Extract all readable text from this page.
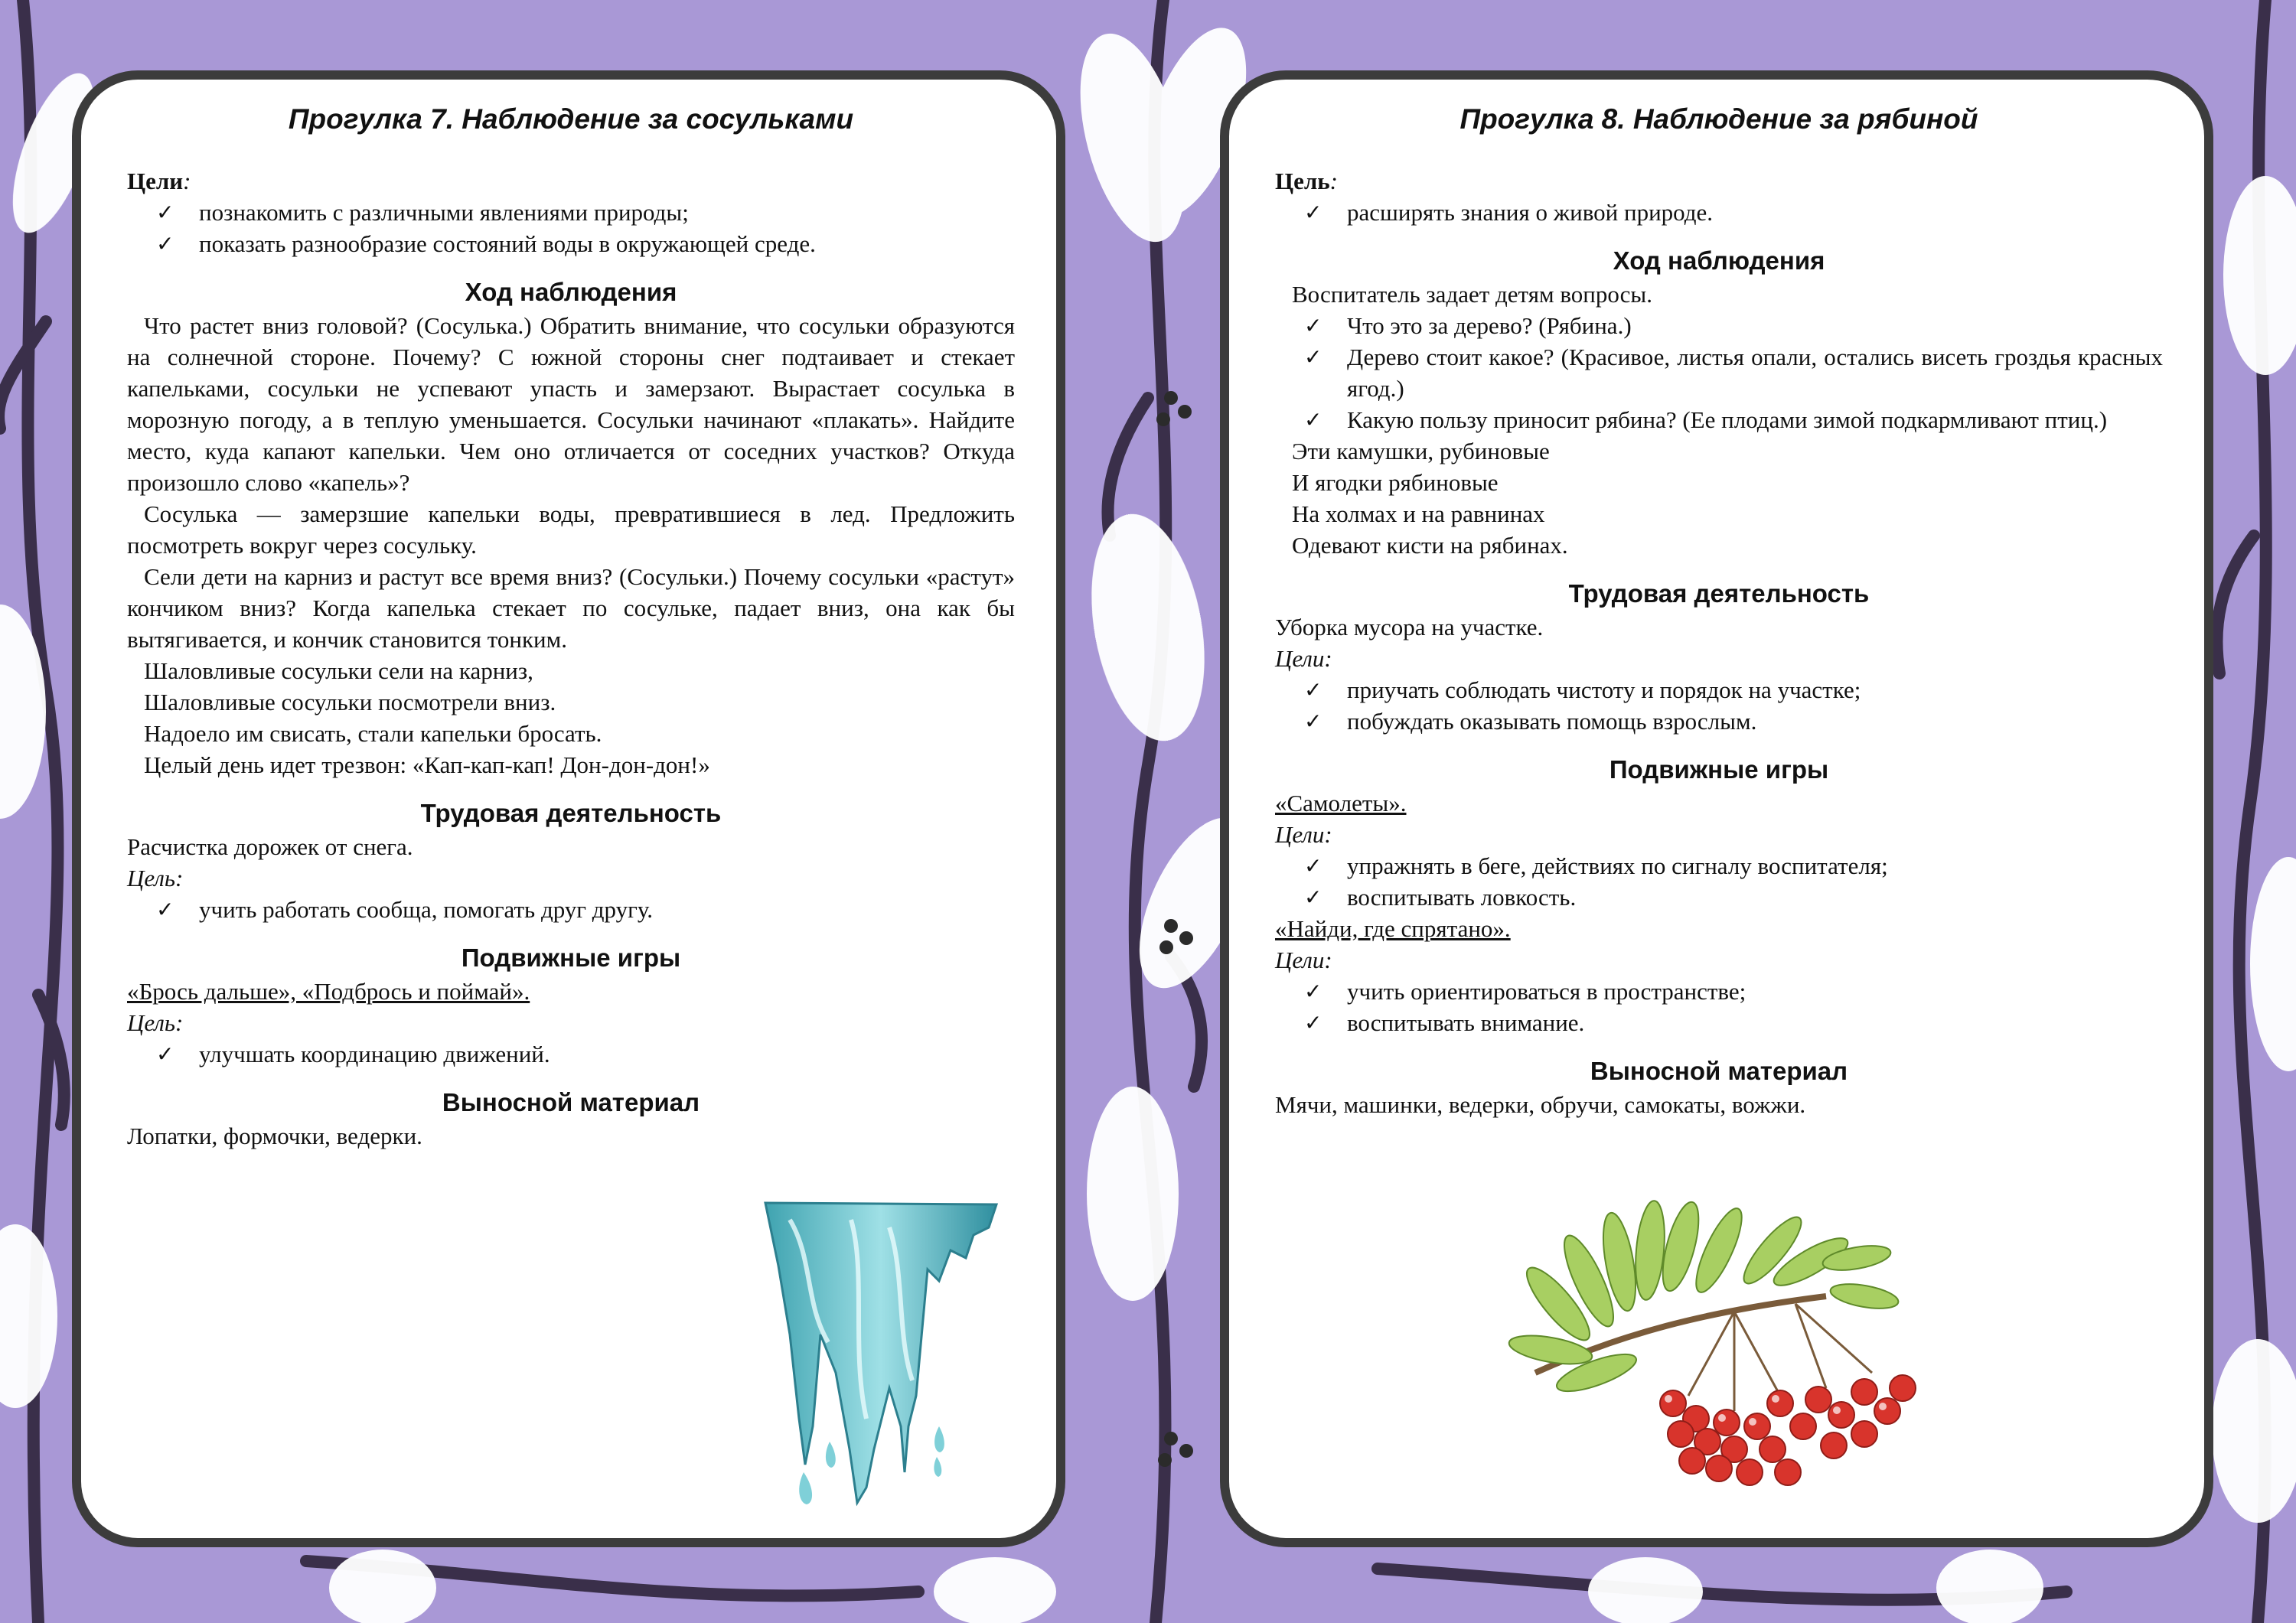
Прогулка 7. Наблюдение за сосульками
Цели:
✓ познакомить с различными явлениями природы;
✓ показать разнообразие состояний воды в окружающей среде.
Ход наблюдения

Что растет вниз головой? (Сосулька.) Обратить внимание, что сосульки образуются на солнечной стороне. Почему? С южной стороны снег подтаивает и стекает капельками, сосульки не успевают упасть и замерзают. Вырастает сосулька в морозную погоду, а в теплую уменьшается. Сосульки начинают «плакать». Найдите место, куда капают капельки. Чем оно отличается от соседних участков? Откуда произошло слово «капель»?

Сосулька — замерзшие капельки воды, превратившиеся в лед. Предложить посмотреть вокруг через сосульку.

Сели дети на карниз и растут все время вниз? (Сосульки.) Почему сосульки «растут» кончиком вниз? Когда капелька стекает по сосульке, падает вниз, она как бы вытягивается, и кончик становится тонким.

Шаловливые сосульки сели на карниз,
Шаловливые сосульки посмотрели вниз.
Надоело им свисать, стали капельки бросать.
Целый день идет трезвон: «Кап-кап-кап! Дон-дон-дон!»
Трудовая деятельность
Расчистка дорожек от снега.
Цель:
✓ учить работать сообща, помогать друг другу.
Подвижные игры
«Брось дальше», «Подбрось и поймай».
Цель:
✓ улучшать координацию движений.
Выносной материал
Лопатки, формочки, ведерки.
Прогулка 8. Наблюдение за рябиной
Цель:
✓ расширять знания о живой природе.
Ход наблюдения
Воспитатель задает детям вопросы.
✓ Что это за дерево? (Рябина.)
✓ Дерево стоит какое? (Красивое, листья опали, остались висеть гроздья красных ягод.)
✓ Какую пользу приносит рябина? (Ее плодами зимой подкармливают птиц.)
Эти камушки, рубиновые
И ягодки рябиновые
На холмах и на равнинах
Одевают кисти на рябинах.
Трудовая деятельность
Уборка мусора на участке.
Цели:
✓ приучать соблюдать чистоту и порядок на участке;
✓ побуждать оказывать помощь взрослым.
Подвижные игры
«Самолеты».
Цели:
✓ упражнять в беге, действиях по сигналу воспитателя;
✓ воспитывать ловкость.
«Найди, где спрятано».
Цели:
✓ учить ориентироваться в пространстве;
✓ воспитывать внимание.
Выносной материал
Мячи, машинки, ведерки, обручи, самокаты, вожжи.
